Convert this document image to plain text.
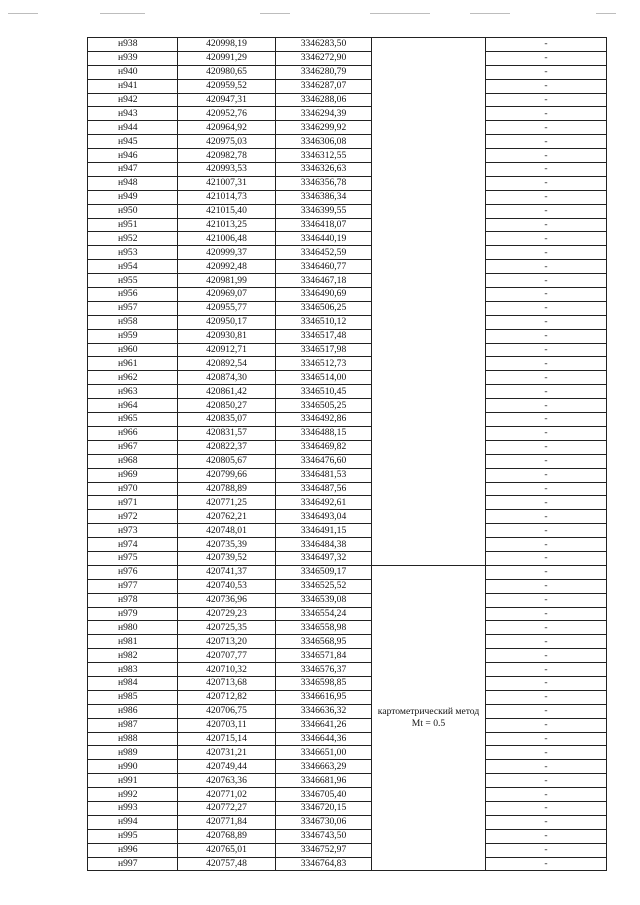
н938	420998,19	3346283,50		-
н939	420991,29	3346272,90		-
н940	420980,65	3346280,79		-
н941	420959,52	3346287,07		-
н942	420947,31	3346288,06		-
н943	420952,76	3346294,39		-
н944	420964,92	3346299,92		-
н945	420975,03	3346306,08		-
н946	420982,78	3346312,55		-
н947	420993,53	3346326,63		-
н948	421007,31	3346356,78		-
н949	421014,73	3346386,34		-
н950	421015,40	3346399,55		-
н951	421013,25	3346418,07		-
н952	421006,48	3346440,19		-
н953	420999,37	3346452,59		-
н954	420992,48	3346460,77		-
н955	420981,99	3346467,18		-
н956	420969,07	3346490,69		-
н957	420955,77	3346506,25		-
н958	420950,17	3346510,12		-
н959	420930,81	3346517,48		-
н960	420912,71	3346517,98		-
н961	420892,54	3346512,73		-
н962	420874,30	3346514,00		-
н963	420861,42	3346510,45		-
н964	420850,27	3346505,25		-
н965	420835,07	3346492,86		-
н966	420831,57	3346488,15		-
н967	420822,37	3346469,82		-
н968	420805,67	3346476,60		-
н969	420799,66	3346481,53		-
н970	420788,89	3346487,56		-
н971	420771,25	3346492,61		-
н972	420762,21	3346493,04		-
н973	420748,01	3346491,15		-
н974	420735,39	3346484,38		-
н975	420739,52	3346497,32		-
н976	420741,37	3346509,17	картометрический метод Mt = 0.5	-
н977	420740,53	3346525,52		-
н978	420736,96	3346539,08		-
н979	420729,23	3346554,24		-
н980	420725,35	3346558,98		-
н981	420713,20	3346568,95		-
н982	420707,77	3346571,84		-
н983	420710,32	3346576,37		-
н984	420713,68	3346598,85		-
н985	420712,82	3346616,95		-
н986	420706,75	3346636,32		-
н987	420703,11	3346641,26		-
н988	420715,14	3346644,36		-
н989	420731,21	3346651,00		-
н990	420749,44	3346663,29		-
н991	420763,36	3346681,96		-
н992	420771,02	3346705,40		-
н993	420772,27	3346720,15		-
н994	420771,84	3346730,06		-
н995	420768,89	3346743,50		-
н996	420765,01	3346752,97		-
н997	420757,48	3346764,83		-
